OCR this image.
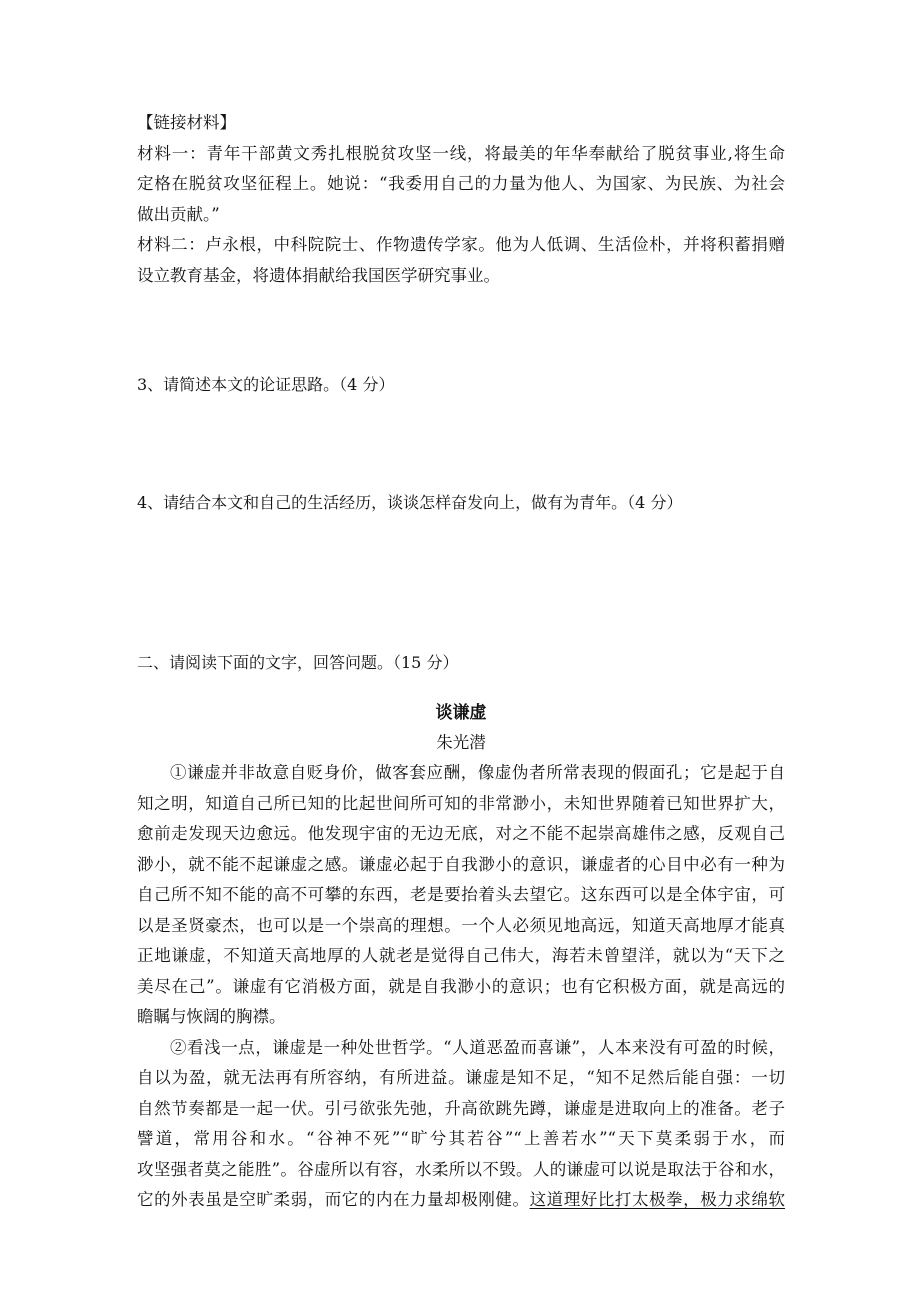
【链接材料】

材料一：青年干部黄文秀扎根脱贫攻坚一线，将最美的年华奉献给了脱贫事业,将生命

定格在脱贫攻坚征程上。她说：“我委用自己的力量为他人、为国家、为民族、为社会

做出贡献。”

材料二：卢永根，中科院院士、作物遗传学家。他为人低调、生活俭朴，并将积蓄捐赠

设立教育基金，将遗体捐献给我国医学研究事业。

3、请简述本文的论证思路。（4 分）

4、请结合本文和自己的生活经历，谈谈怎样奋发向上，做有为青年。（4 分）

二、请阅读下面的文字，回答问题。（15 分）

谈谦虚

朱光潜

①谦虚并非故意自贬身价，做客套应酬，像虚伪者所常表现的假面孔；它是起于自

知之明，知道自己所已知的比起世间所可知的非常渺小，未知世界随着已知世界扩大，

愈前走发现天边愈远。他发现宇宙的无边无底，对之不能不起崇高雄伟之感，反观自己

渺小，就不能不起谦虚之感。谦虚必起于自我渺小的意识，谦虚者的心目中必有一种为

自己所不知不能的高不可攀的东西，老是要抬着头去望它。这东西可以是全体宇宙，可

以是圣贤豪杰，也可以是一个崇高的理想。一个人必须见地高远，知道天高地厚才能真

正地谦虚，不知道天高地厚的人就老是觉得自己伟大，海若未曾望洋，就以为“天下之

美尽在己”。谦虚有它消极方面，就是自我渺小的意识；也有它积极方面，就是高远的

瞻瞩与恢阔的胸襟。

②看浅一点，谦虚是一种处世哲学。“人道恶盈而喜谦”，人本来没有可盈的时候，

自以为盈，就无法再有所容纳，有所进益。谦虚是知不足，“知不足然后能自强：一切

自然节奏都是一起一伏。引弓欲张先弛，升高欲跳先蹲，谦虚是进取向上的准备。老子

譬道，常用谷和水。“谷神不死”“旷兮其若谷”“上善若水”“天下莫柔弱于水，而

攻坚强者莫之能胜”。谷虚所以有容，水柔所以不毁。人的谦虚可以说是取法于谷和水，

它的外表虽是空旷柔弱，而它的内在力量却极刚健。这道理好比打太极拳，极力求绵软
